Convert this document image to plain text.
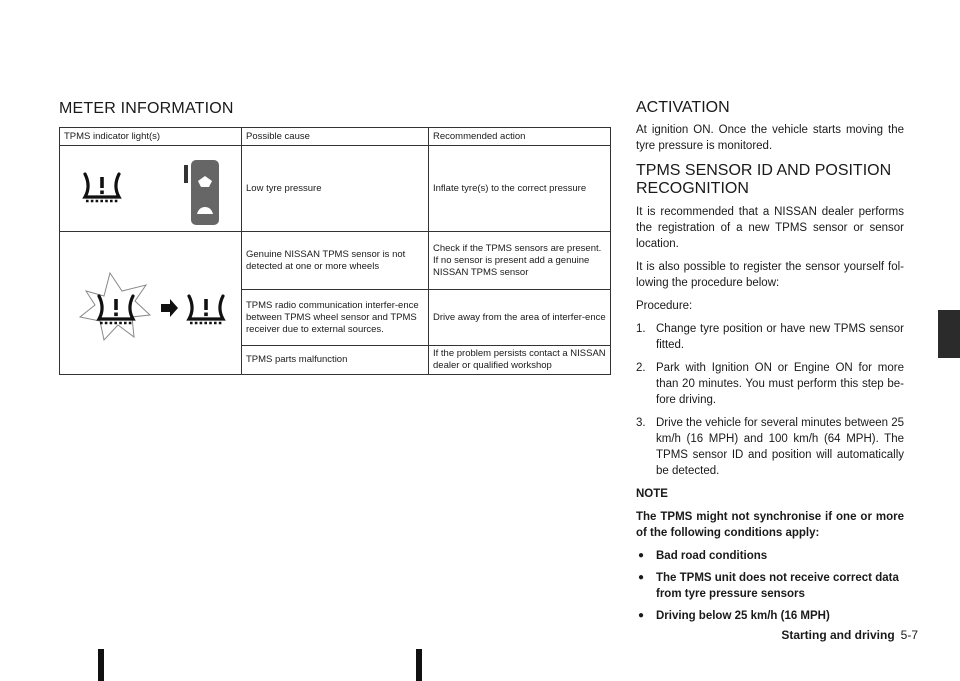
METER INFORMATION
TPMS indicator light(s)	Possible cause	Recommended action

	Low tyre pressure	Inflate tyre(s) to the correct pressure

	Genuine NISSAN TPMS sensor is not detected at one or more wheels	Check if the TPMS sensors are present.
If no sensor is present add a genuine NISSAN TPMS sensor

	TPMS radio communication interfer-ence between TPMS wheel sensor and TPMS receiver due to external sources.	Drive away from the area of interfer-ence
	TPMS parts malfunction	If the problem persists contact a NISSAN dealer or qualified workshop
ACTIVATION

At ignition ON. Once the vehicle starts moving the tyre pressure is monitored.

TPMS SENSOR ID AND POSITION RECOGNITION

It is recommended that a NISSAN dealer performs the registration of a new TPMS sensor or sensor location.

It is also possible to register the sensor yourself fol-lowing the procedure below:

Procedure:

1. Change tyre position or have new TPMS sensor fitted.
2. Park with Ignition ON or Engine ON for more than 20 minutes. You must perform this step be-fore driving.
3. Drive the vehicle for several minutes between 25 km/h (16 MPH) and 100 km/h (64 MPH). The TPMS sensor ID and position will automatically be detected.

NOTE

The TPMS might not synchronise if one or more of the following conditions apply:

● Bad road conditions
● The TPMS unit does not receive correct data from tyre pressure sensors
● Driving below 25 km/h (16 MPH)
Starting and driving 5-7
